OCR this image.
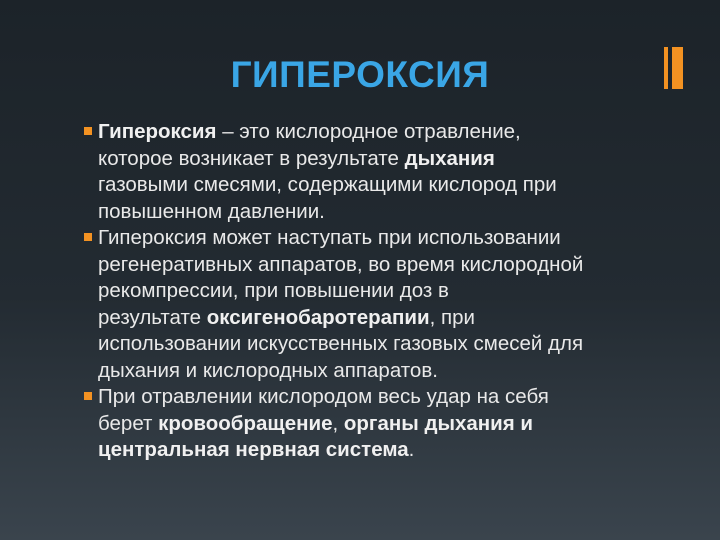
ГИПЕРОКСИЯ
Гипероксия – это кислородное отравление,
которое возникает в результате дыхания
газовыми смесями, содержащими кислород при
повышенном давлении.
Гипероксия может наступать при использовании
регенеративных аппаратов, во время кислородной
рекомпрессии, при повышении доз в
результате оксигенобаротерапии, при
использовании искусственных газовых смесей для
дыхания и кислородных аппаратов.
При отравлении кислородом весь удар на себя
берет кровообращение, органы дыхания и
центральная нервная система.
